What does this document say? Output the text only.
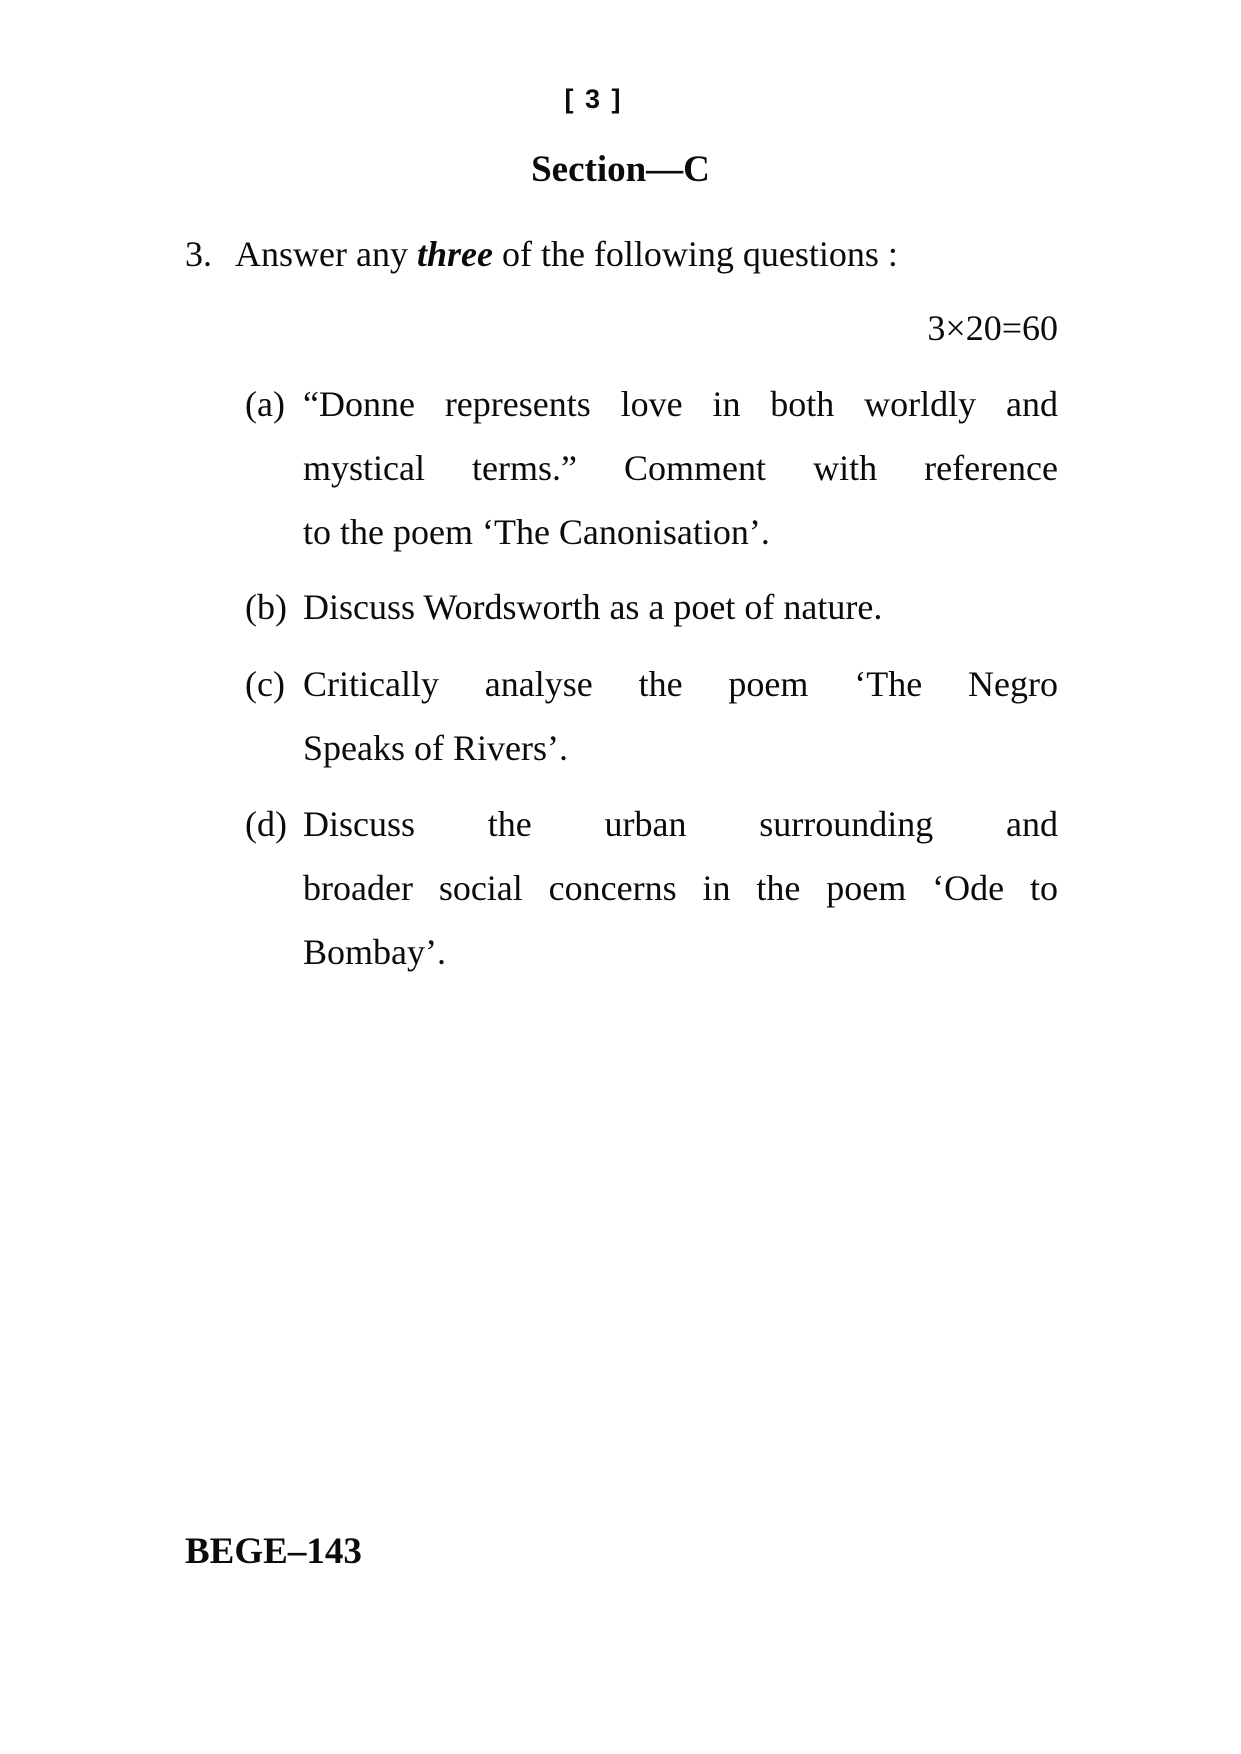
[ 3 ]
Section—C
3. Answer any three of the following questions :
3×20=60
(a) “Donne represents love in both worldly and
mystical terms.” Comment with reference
to the poem ‘The Canonisation’.
(b) Discuss Wordsworth as a poet of nature.
(c) Critically analyse the poem ‘The Negro
Speaks of Rivers’.
(d) Discuss the urban surrounding and
broader social concerns in the poem ‘Ode to
Bombay’.
BEGE–143
